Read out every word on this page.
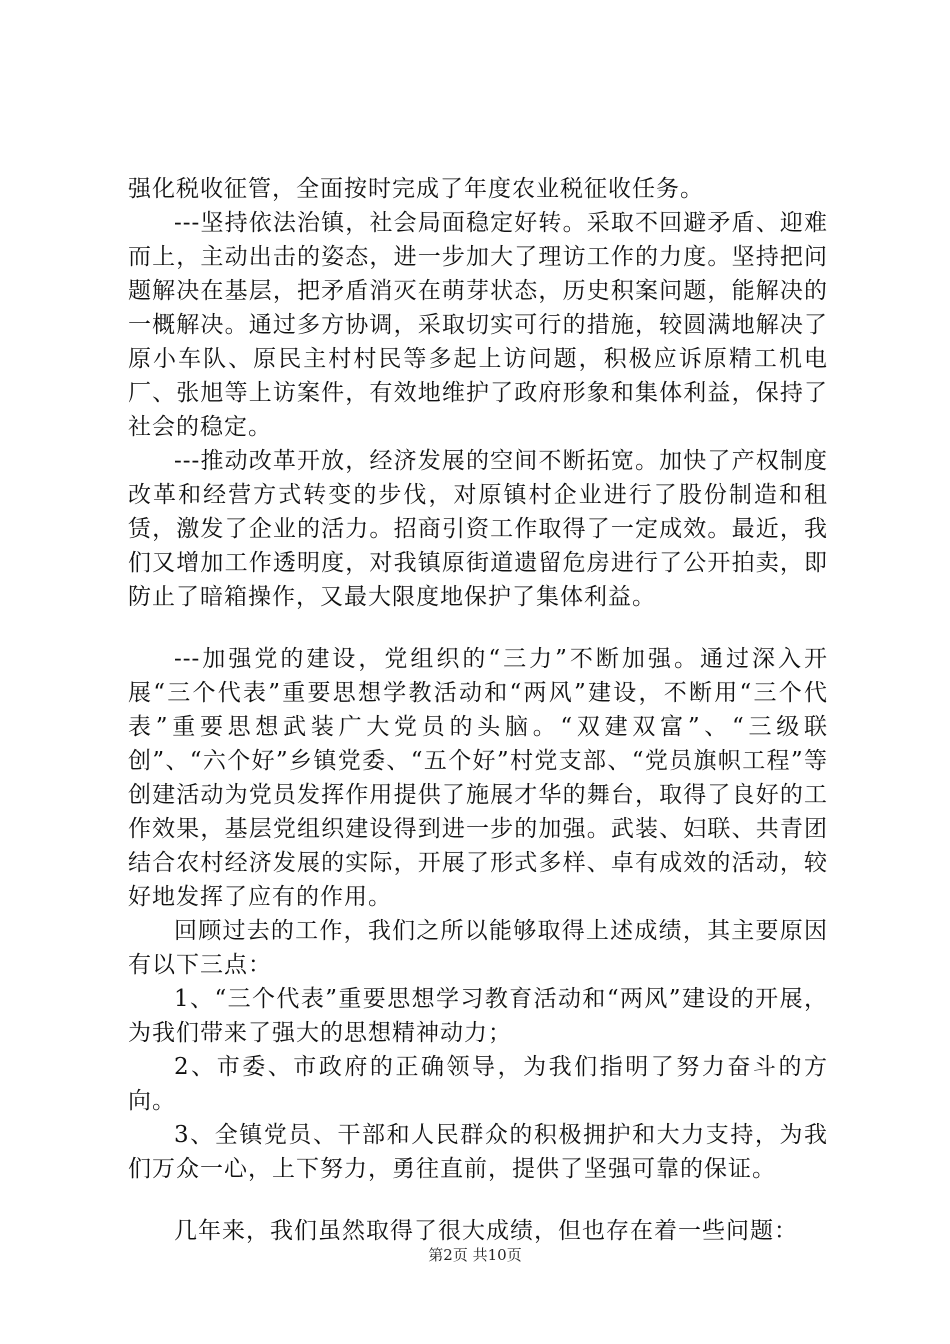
强化税收征管，全面按时完成了年度农业税征收任务。

---坚持依法治镇，社会局面稳定好转。采取不回避矛盾、迎难而上，主动出击的姿态，进一步加大了理访工作的力度。坚持把问题解决在基层，把矛盾消灭在萌芽状态，历史积案问题，能解决的一概解决。通过多方协调，采取切实可行的措施，较圆满地解决了原小车队、原民主村村民等多起上访问题，积极应诉原精工机电厂、张旭等上访案件，有效地维护了政府形象和集体利益，保持了社会的稳定。

---推动改革开放，经济发展的空间不断拓宽。加快了产权制度改革和经营方式转变的步伐，对原镇村企业进行了股份制造和租赁，激发了企业的活力。招商引资工作取得了一定成效。最近，我们又增加工作透明度，对我镇原街道遗留危房进行了公开拍卖，即防止了暗箱操作，又最大限度地保护了集体利益。

---加强党的建设，党组织的“三力”不断加强。通过深入开展“三个代表”重要思想学教活动和“两风”建设，不断用“三个代表”重要思想武装广大党员的头脑。“双建双富”、“三级联创”、“六个好”乡镇党委、“五个好”村党支部、“党员旗帜工程”等创建活动为党员发挥作用提供了施展才华的舞台，取得了良好的工作效果，基层党组织建设得到进一步的加强。武装、妇联、共青团结合农村经济发展的实际，开展了形式多样、卓有成效的活动，较好地发挥了应有的作用。

回顾过去的工作，我们之所以能够取得上述成绩，其主要原因有以下三点：

1、“三个代表”重要思想学习教育活动和“两风”建设的开展，为我们带来了强大的思想精神动力；

2、市委、市政府的正确领导，为我们指明了努力奋斗的方向。

3、全镇党员、干部和人民群众的积极拥护和大力支持，为我们万众一心，上下努力，勇往直前，提供了坚强可靠的保证。

几年来，我们虽然取得了很大成绩，但也存在着一些问题：

第2页 共10页
